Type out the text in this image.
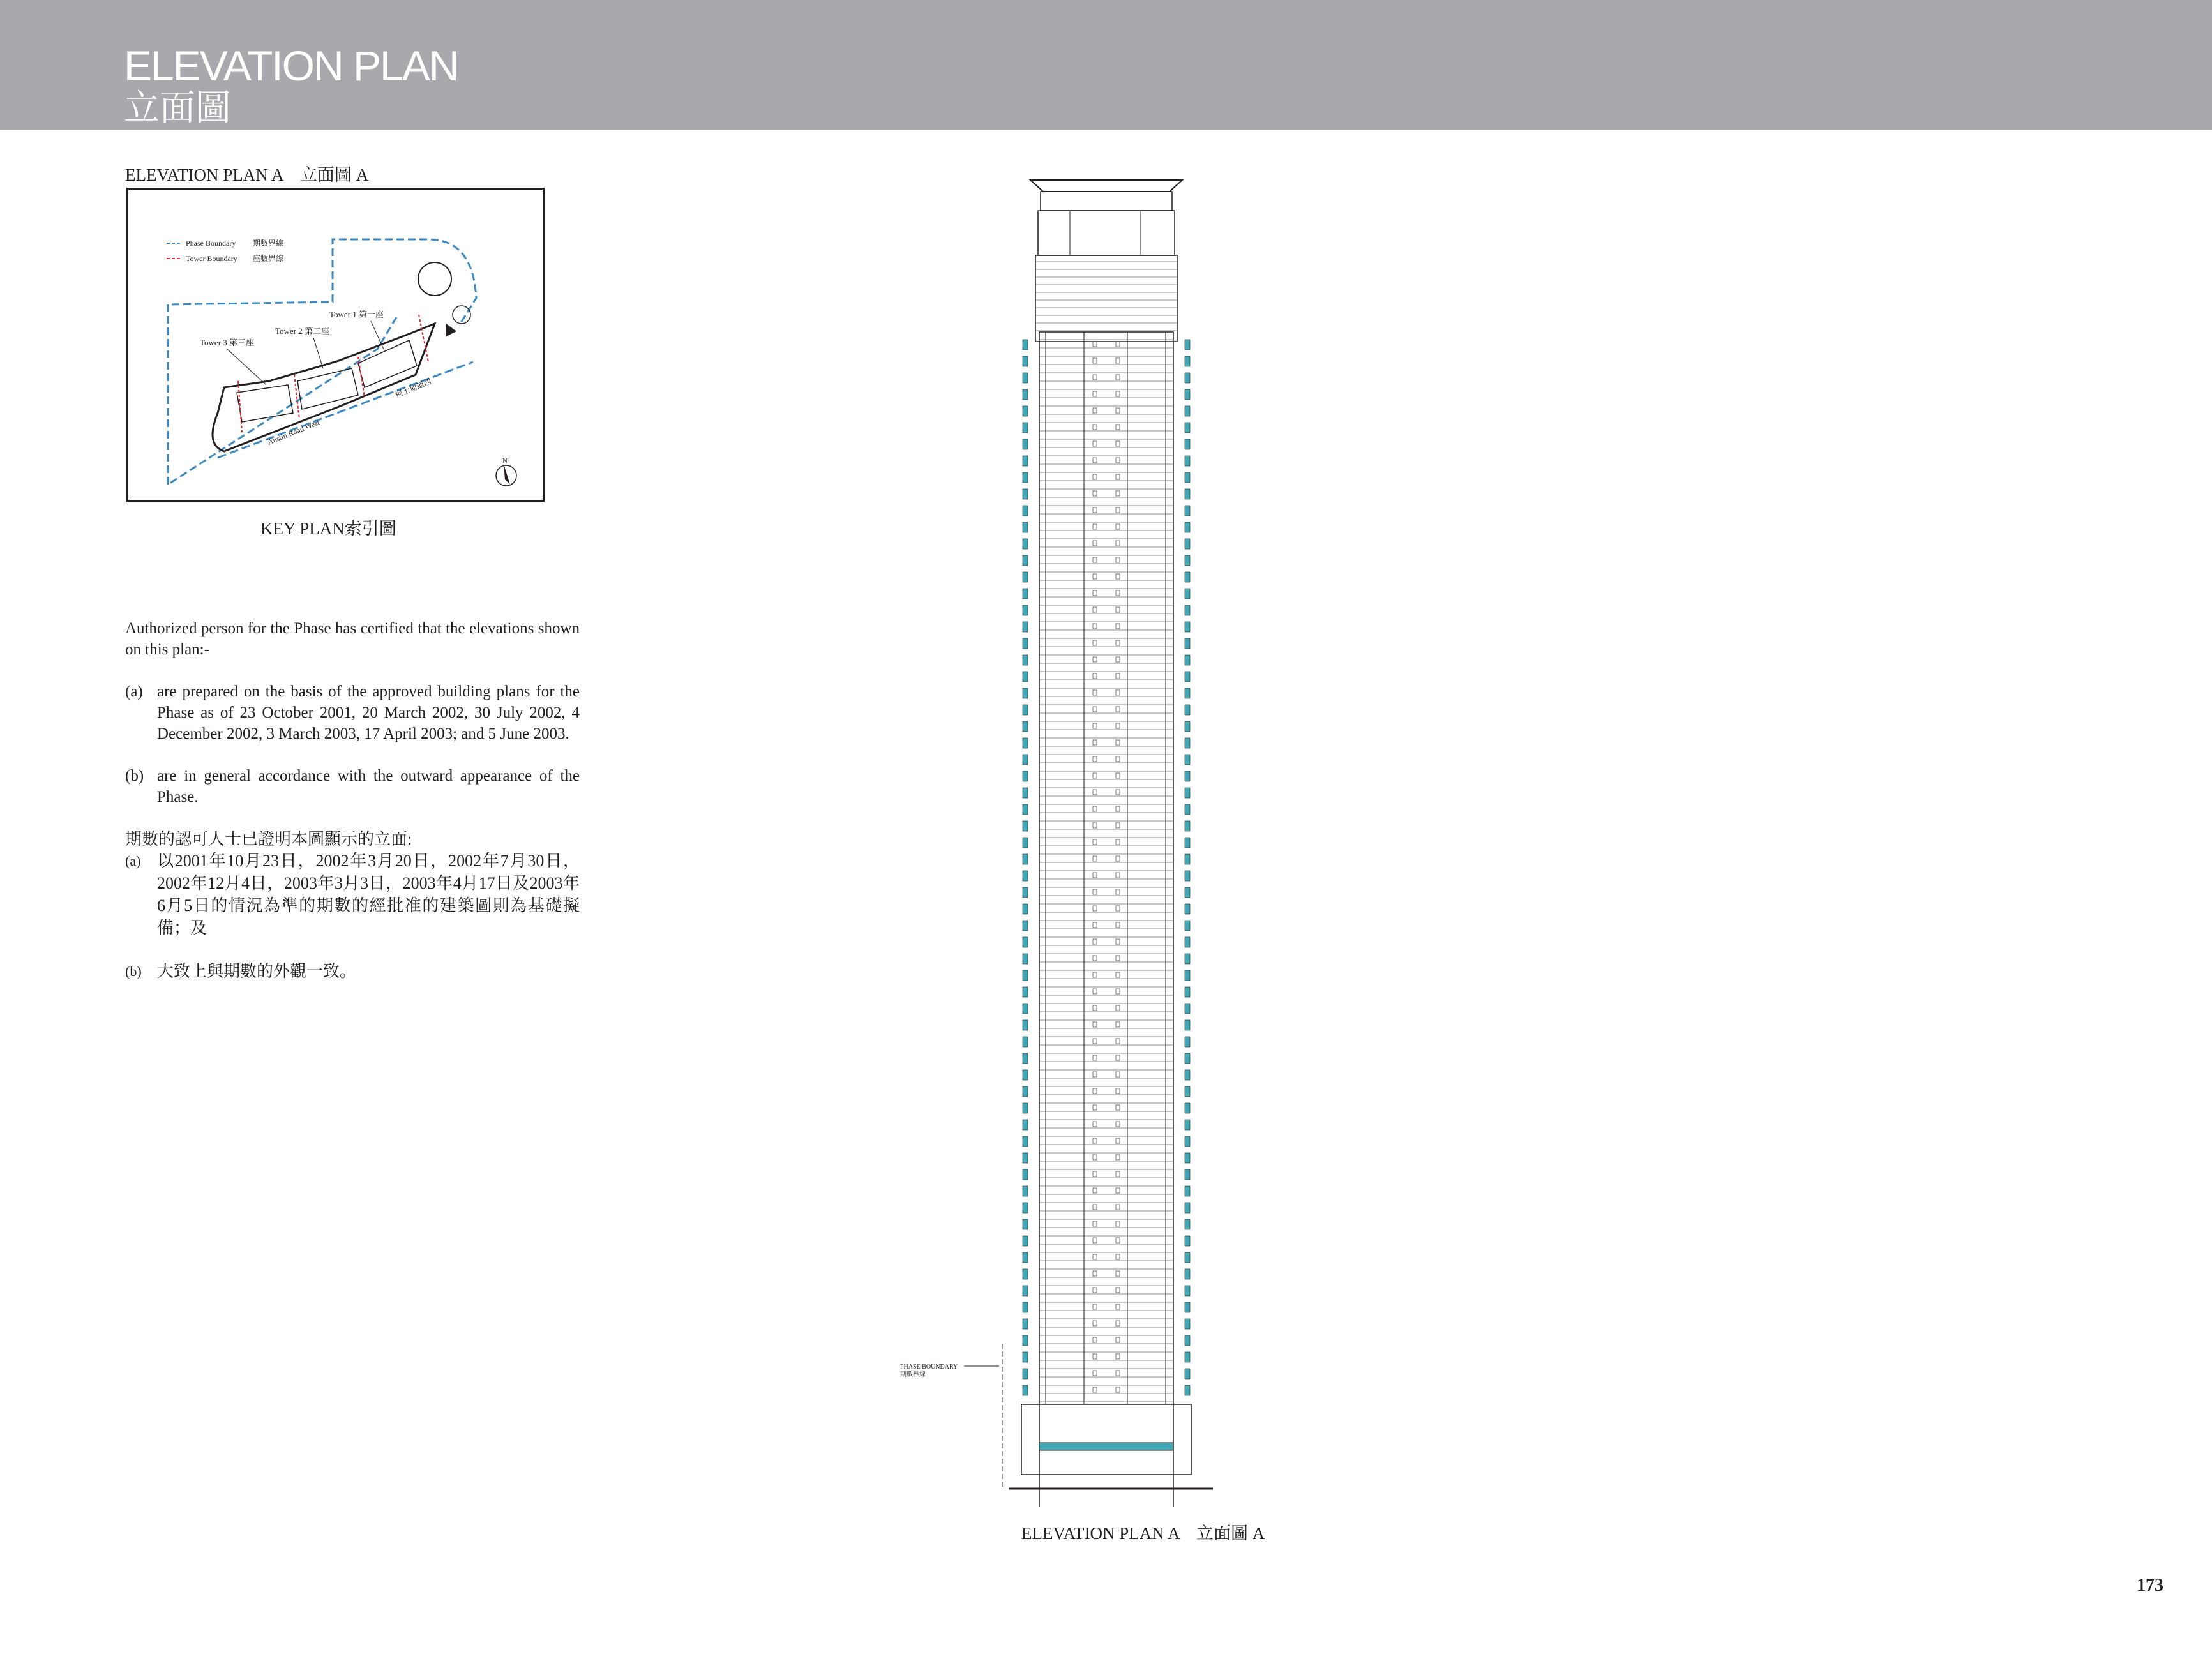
ELEVATION PLAN
立面圖
ELEVATION PLAN A　立面圖 A
Phase Boundary 期數界線
Tower Boundary 座數界線
Tower 1 第一座
Tower 2 第二座
Tower 3 第三座
Austin Road West
柯士甸道西
N
KEY PLAN索引圖

Authorized person for the Phase has certified that the elevations shown on this plan:-

(a) are prepared on the basis of the approved building plans for the Phase as of 23 October 2001, 20 March 2002, 30 July 2002, 4 December 2002, 3 March 2003, 17 April 2003; and 5 June 2003.
(b) are in general accordance with the outward appearance of the Phase.

期數的認可人士已證明本圖顯示的立面:

(a) 以2001年10月23日，2002年3月20日，2002年7月30日，2002年12月4日，2003年3月3日，2003年4月17日及2003年6月5日的情況為準的期數的經批准的建築圖則為基礎擬備；及
(b) 大致上與期數的外觀一致。
PHASE BOUNDARY
期數界線
ELEVATION PLAN A　立面圖 A
173
